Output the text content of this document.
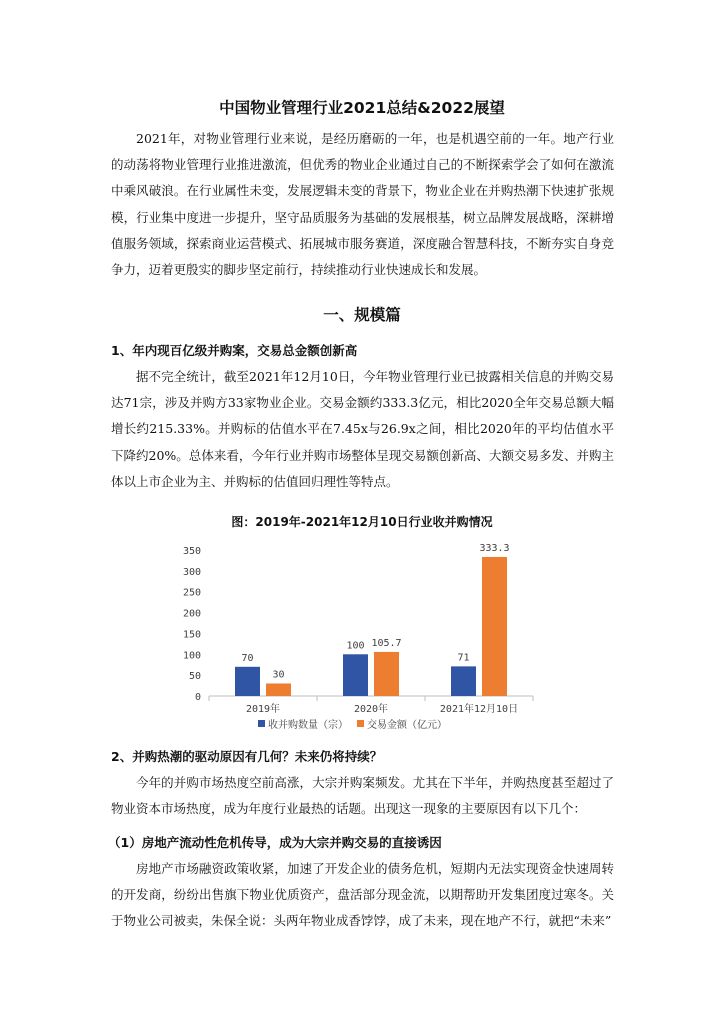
中国物业管理行业2021总结&2022展望

2021年，对物业管理行业来说，是经历磨砺的一年，也是机遇空前的一年。地产行业的动荡将物业管理行业推进激流，但优秀的物业企业通过自己的不断探索学会了如何在激流中乘风破浪。在行业属性未变，发展逻辑未变的背景下，物业企业在并购热潮下快速扩张规模，行业集中度进一步提升，坚守品质服务为基础的发展根基，树立品牌发展战略，深耕增值服务领域，探索商业运营模式、拓展城市服务赛道，深度融合智慧科技，不断夯实自身竞争力，迈着更殷实的脚步坚定前行，持续推动行业快速成长和发展。

一、规模篇
1、年内现百亿级并购案，交易总金额创新高

据不完全统计，截至2021年12月10日，今年物业管理行业已披露相关信息的并购交易达71宗，涉及并购方33家物业企业。交易金额约333.3亿元，相比2020全年交易总额大幅增长约215.33%。并购标的估值水平在7.45x与26.9x之间，相比2020年的平均估值水平下降约20%。总体来看，今年行业并购市场整体呈现交易额创新高、大额交易多发、并购主体以上市企业为主、并购标的估值回归理性等特点。

图：2019年-2021年12月10日行业收并购情况
0
50
100
150
200
250
300
350
2019年	2020年	2021年12月10日
70
30
100 105.7
71
333.3
收并购数量（宗） 交易金额（亿元）
2、并购热潮的驱动原因有几何？未来仍将持续？

今年的并购市场热度空前高涨，大宗并购案频发。尤其在下半年，并购热度甚至超过了物业资本市场热度，成为年度行业最热的话题。出现这一现象的主要原因有以下几个：

（1）房地产流动性危机传导，成为大宗并购交易的直接诱因

房地产市场融资政策收紧，加速了开发企业的债务危机，短期内无法实现资金快速周转的开发商，纷纷出售旗下物业优质资产，盘活部分现金流，以期帮助开发集团度过寒冬。关于物业公司被卖，朱保全说：头两年物业成香饽饽，成了未来，现在地产不行，就把“未来”
